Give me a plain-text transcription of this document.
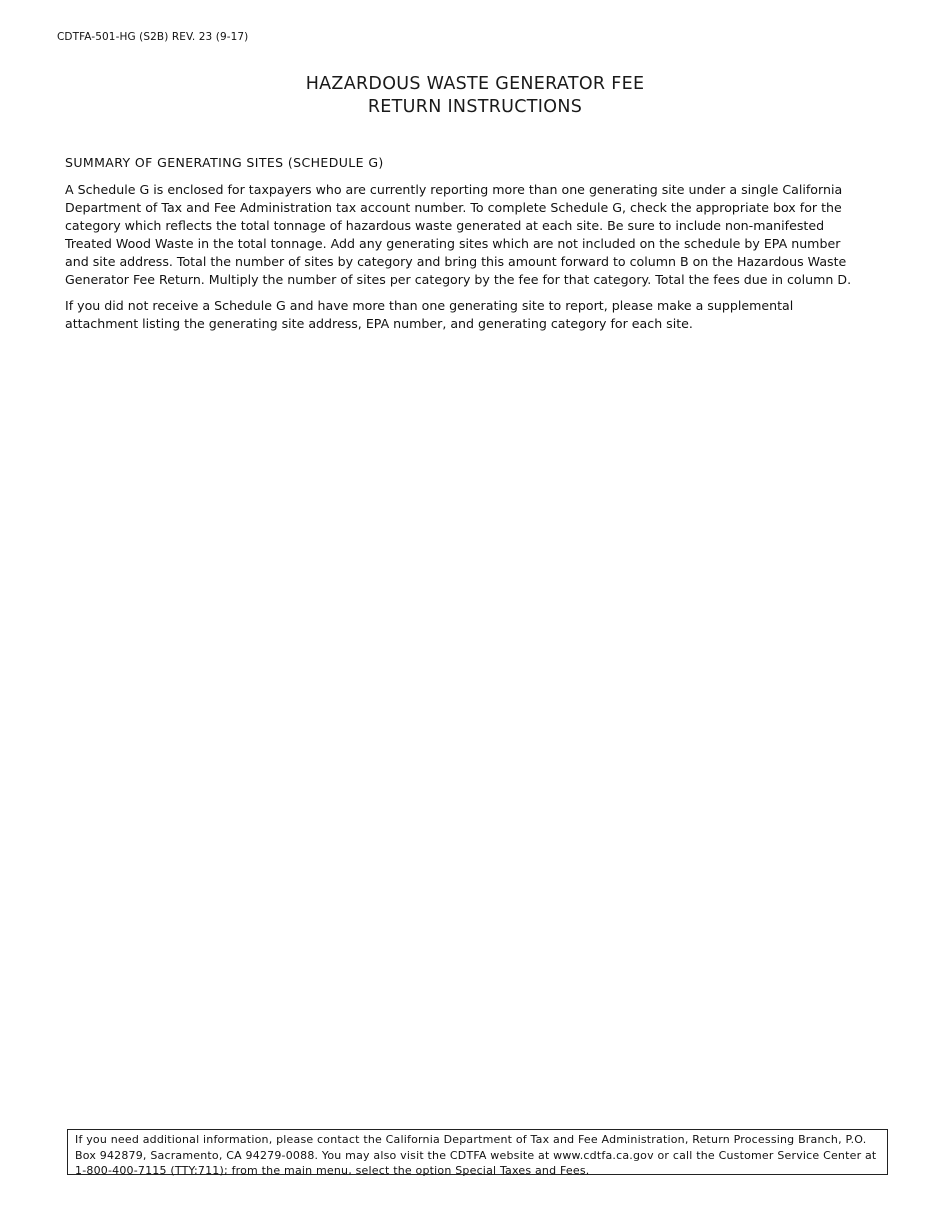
CDTFA-501-HG (S2B) REV. 23 (9-17)
HAZARDOUS WASTE GENERATOR FEE
RETURN INSTRUCTIONS
SUMMARY OF GENERATING SITES (SCHEDULE G)

A Schedule G is enclosed for taxpayers who are currently reporting more than one generating site under a single California Department of Tax and Fee Administration tax account number. To complete Schedule G, check the appropriate box for the category which reflects the total tonnage of hazardous waste generated at each site. Be sure to include non-manifested Treated Wood Waste in the total tonnage. Add any generating sites which are not included on the schedule by EPA number and site address. Total the number of sites by category and bring this amount forward to column B on the Hazardous Waste Generator Fee Return. Multiply the number of sites per category by the fee for that category. Total the fees due in column D.

If you did not receive a Schedule G and have more than one generating site to report, please make a supplemental attachment listing the generating site address, EPA number, and generating category for each site.

If you need additional information, please contact the California Department of Tax and Fee Administration, Return Processing Branch, P.O. Box 942879, Sacramento, CA 94279-0088. You may also visit the CDTFA website at www.cdtfa.ca.gov or call the Customer Service Center at 1-800-400-7115 (TTY:711); from the main menu, select the option Special Taxes and Fees.
